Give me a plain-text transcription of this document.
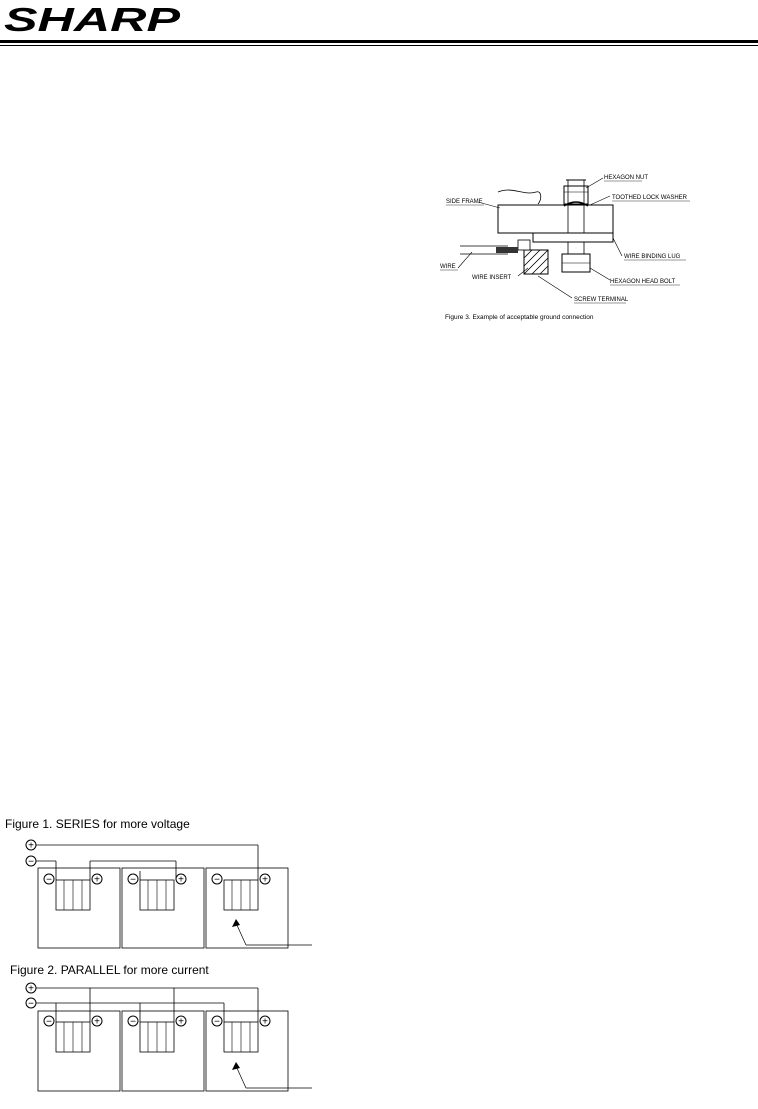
SHARP
HEXAGON NUT
TOOTHED LOCK WASHER
SIDE FRAME
WIRE BINDING LUG
WIRE
HEXAGON HEAD BOLT
WIRE INSERT
SCREW TERMINAL
Figure 3. Example of acceptable ground connection
Figure 1. SERIES for more voltage
+
−
−	+	−	+	−	+
Figure 2. PARALLEL for more current
+
−
−	+	−	+	−	+
